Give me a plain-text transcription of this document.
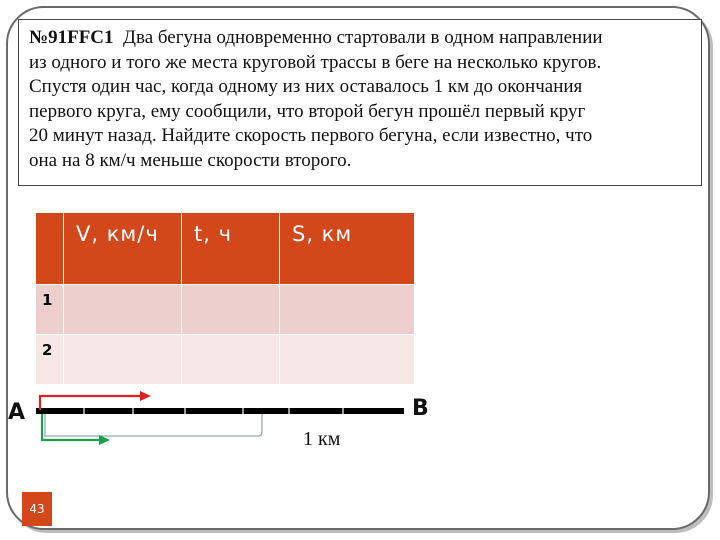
№91FFC1 Два бегуна одновременно стартовали в одном направлении
из одного и того же места круговой трассы в беге на несколько кругов.
Спустя один час, когда одному из них оставалось 1 км до окончания
первого круга, ему сообщили, что второй бегун прошёл первый круг
20 минут назад. Найдите скорость первого бегуна, если известно, что
она на 8 км/ч меньше скорости второго.
	V, км/ч	t, ч	S, км
1			
2			
A	B
1 км
43
